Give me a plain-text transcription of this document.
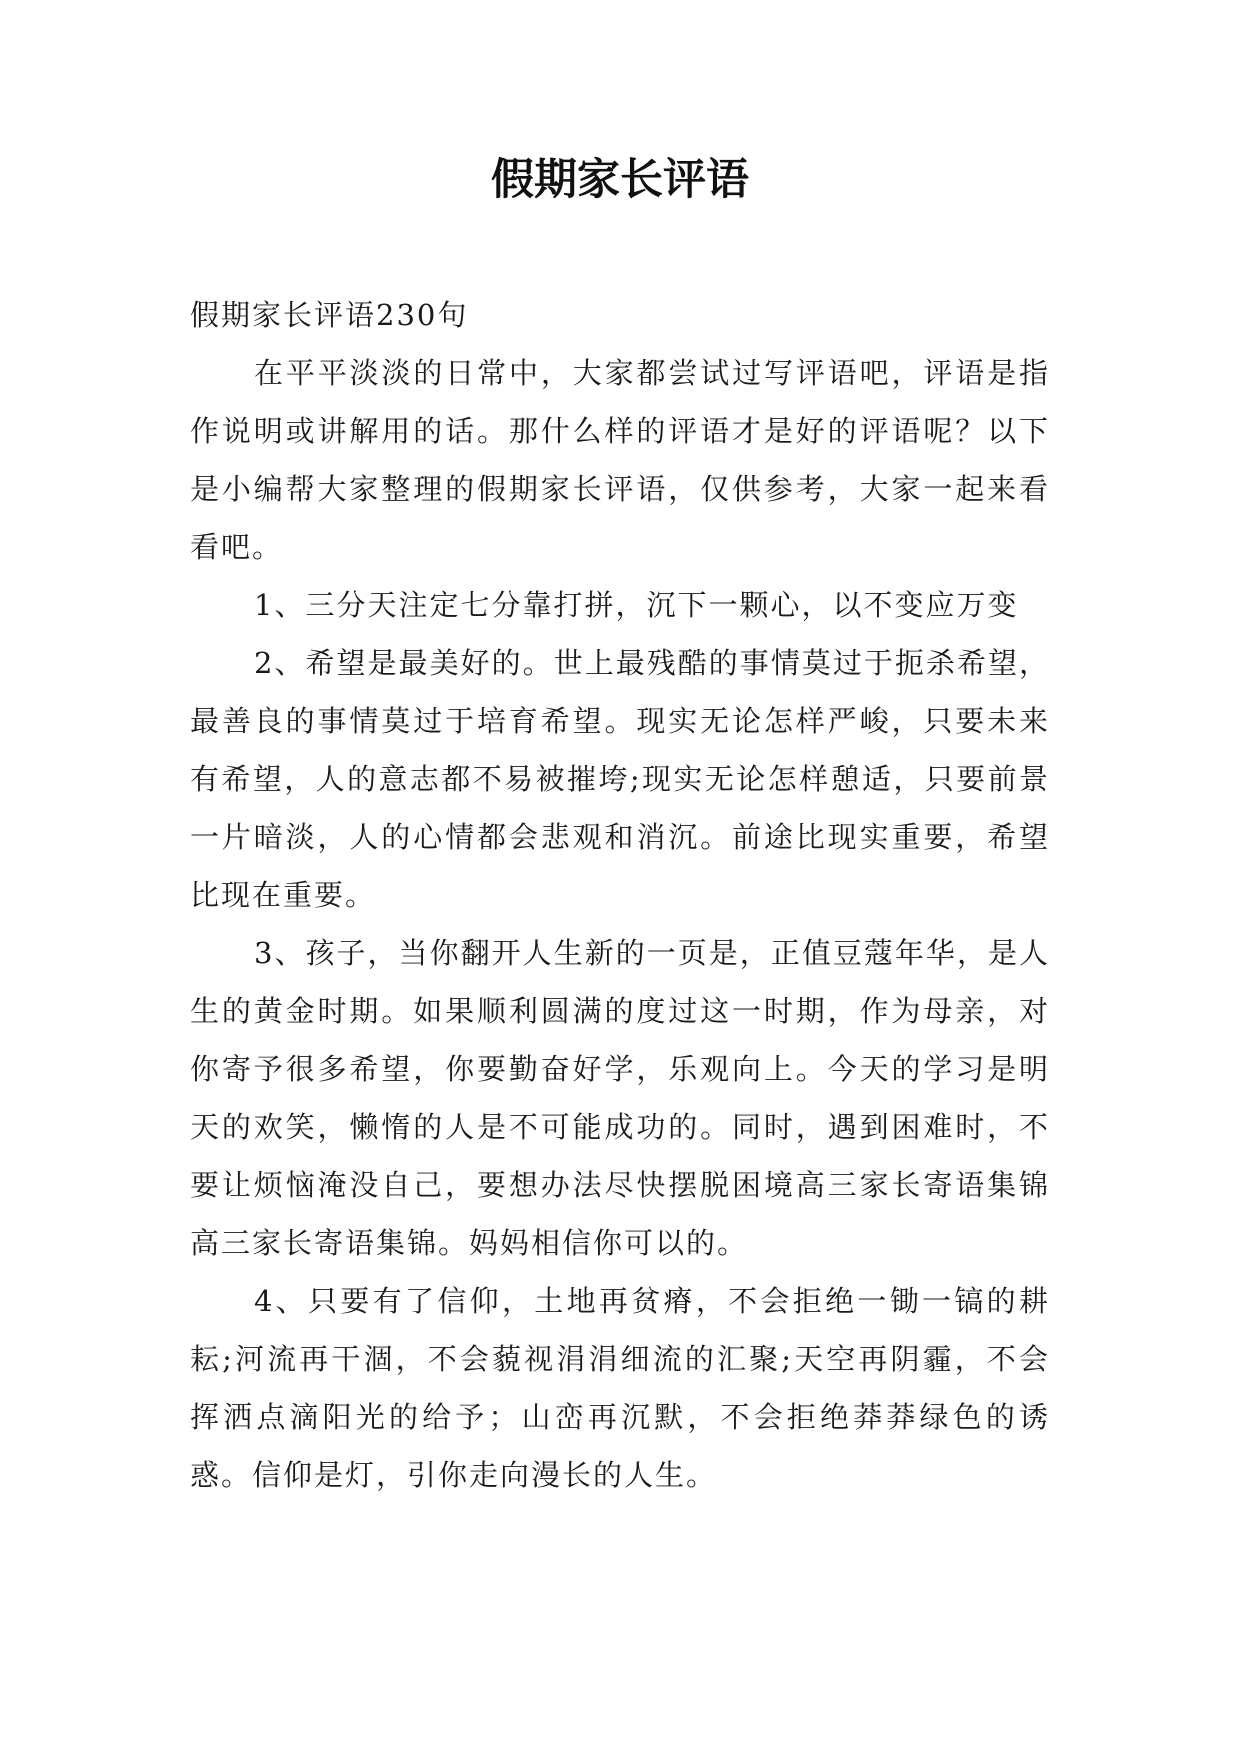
假期家长评语

假期家长评语230句

在平平淡淡的日常中，大家都尝试过写评语吧，评语是指作说明或讲解用的话。那什么样的评语才是好的评语呢？以下是小编帮大家整理的假期家长评语，仅供参考，大家一起来看看吧。

1、三分天注定七分靠打拼，沉下一颗心，以不变应万变

2、希望是最美好的。世上最残酷的事情莫过于扼杀希望，最善良的事情莫过于培育希望。现实无论怎样严峻，只要未来有希望，人的意志都不易被摧垮;现实无论怎样憩适，只要前景一片暗淡，人的心情都会悲观和消沉。前途比现实重要，希望比现在重要。

3、孩子，当你翻开人生新的一页是，正值豆蔻年华，是人生的黄金时期。如果顺利圆满的度过这一时期，作为母亲，对你寄予很多希望，你要勤奋好学，乐观向上。今天的学习是明天的欢笑，懒惰的人是不可能成功的。同时，遇到困难时，不要让烦恼淹没自己，要想办法尽快摆脱困境高三家长寄语集锦高三家长寄语集锦。妈妈相信你可以的。

4、只要有了信仰，土地再贫瘠，不会拒绝一锄一镐的耕耘;河流再干涸，不会藐视涓涓细流的汇聚;天空再阴霾，不会挥洒点滴阳光的给予；山峦再沉默，不会拒绝莽莽绿色的诱惑。信仰是灯，引你走向漫长的人生。
